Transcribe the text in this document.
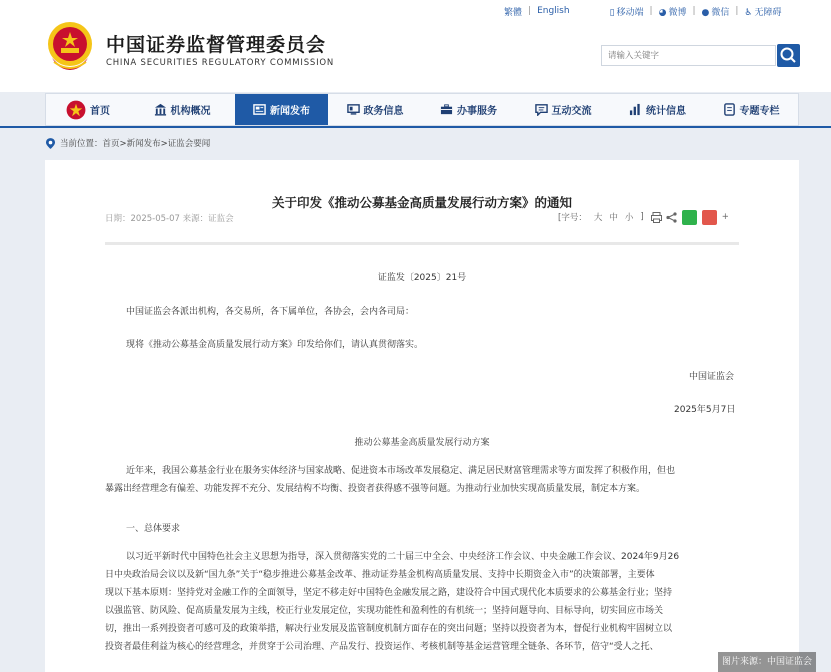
中国证券监督管理委员会
CHINA SECURITIES REGULATORY COMMISSION
繁體 | English	▯ 移动端 | ◕ 微博 | ● 微信 | ♿ 无障碍
请输入关键字
首页	机构概况	新闻发布	政务信息	办事服务	互动交流	统计信息	专题专栏
当前位置： 首页>新闻发布>证监会要闻
关于印发《推动公募基金高质量发展行动方案》的通知
日期：2025-05-07 来源：证监会	[字号： 大 中 小 ]	+
证监发〔2025〕21号
中国证监会各派出机构，各交易所，各下属单位，各协会，会内各司局：
现将《推动公募基金高质量发展行动方案》印发给你们，请认真贯彻落实。
中国证监会
2025年5月7日
推动公募基金高质量发展行动方案
近年来，我国公募基金行业在服务实体经济与国家战略、促进资本市场改革发展稳定、满足居民财富管理需求等方面发挥了积极作用，但也
暴露出经营理念有偏差、功能发挥不充分、发展结构不均衡、投资者获得感不强等问题。为推动行业加快实现高质量发展，制定本方案。
一、总体要求
以习近平新时代中国特色社会主义思想为指导，深入贯彻落实党的二十届三中全会、中央经济工作会议、中央金融工作会议、2024年9月26
日中央政治局会议以及新“国九条”关于“稳步推进公募基金改革、推动证券基金机构高质量发展、支持中长期资金入市”的决策部署，主要体
现以下基本原则：坚持党对金融工作的全面领导，坚定不移走好中国特色金融发展之路，建设符合中国式现代化本质要求的公募基金行业；坚持
以强监管、防风险、促高质量发展为主线，校正行业发展定位，实现功能性和盈利性的有机统一；坚持问题导向、目标导向，切实回应市场关
切，推出一系列投资者可感可及的政策举措，解决行业发展及监管制度机制方面存在的突出问题；坚持以投资者为本，督促行业机构牢固树立以
投资者最佳利益为核心的经营理念，并贯穿于公司治理、产品发行、投资运作、考核机制等基金运营管理全链条、各环节，倍守“受人之托、
图片来源：中国证监会
